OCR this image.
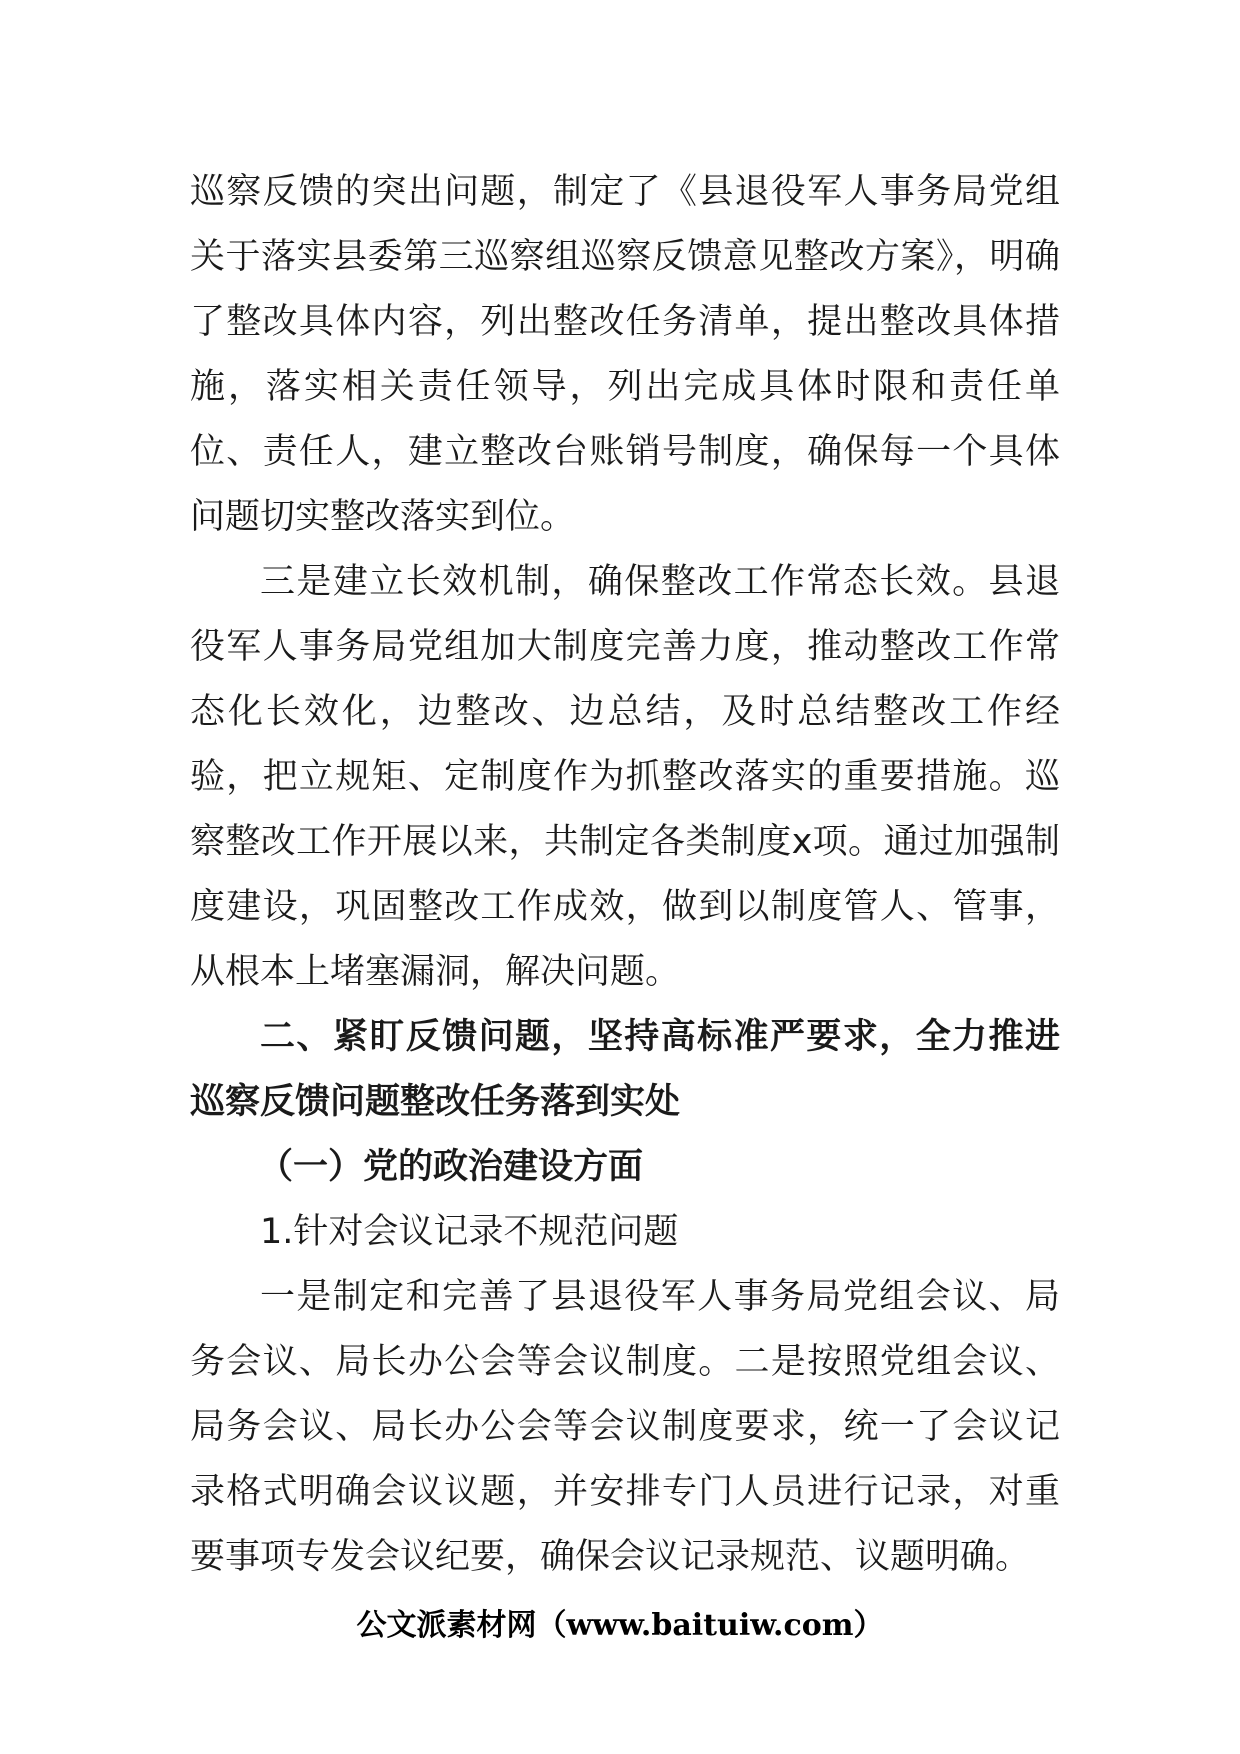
巡察反馈的突出问题，制定了《县退役军人事务局党组关于落实县委第三巡察组巡察反馈意见整改方案》，明确了整改具体内容，列出整改任务清单，提出整改具体措施，落实相关责任领导，列出完成具体时限和责任单位、责任人，建立整改台账销号制度，确保每一个具体问题切实整改落实到位。

三是建立长效机制，确保整改工作常态长效。县退役军人事务局党组加大制度完善力度，推动整改工作常态化长效化，边整改、边总结，及时总结整改工作经验，把立规矩、定制度作为抓整改落实的重要措施。巡察整改工作开展以来，共制定各类制度x项。通过加强制度建设，巩固整改工作成效，做到以制度管人、管事，从根本上堵塞漏洞，解决问题。

二、紧盯反馈问题，坚持高标准严要求，全力推进巡察反馈问题整改任务落到实处

（一）党的政治建设方面

1.针对会议记录不规范问题

一是制定和完善了县退役军人事务局党组会议、局务会议、局长办公会等会议制度。二是按照党组会议、局务会议、局长办公会等会议制度要求，统一了会议记录格式明确会议议题，并安排专门人员进行记录，对重要事项专发会议纪要，确保会议记录规范、议题明确。

公文派素材网（www.baituiw.com）
